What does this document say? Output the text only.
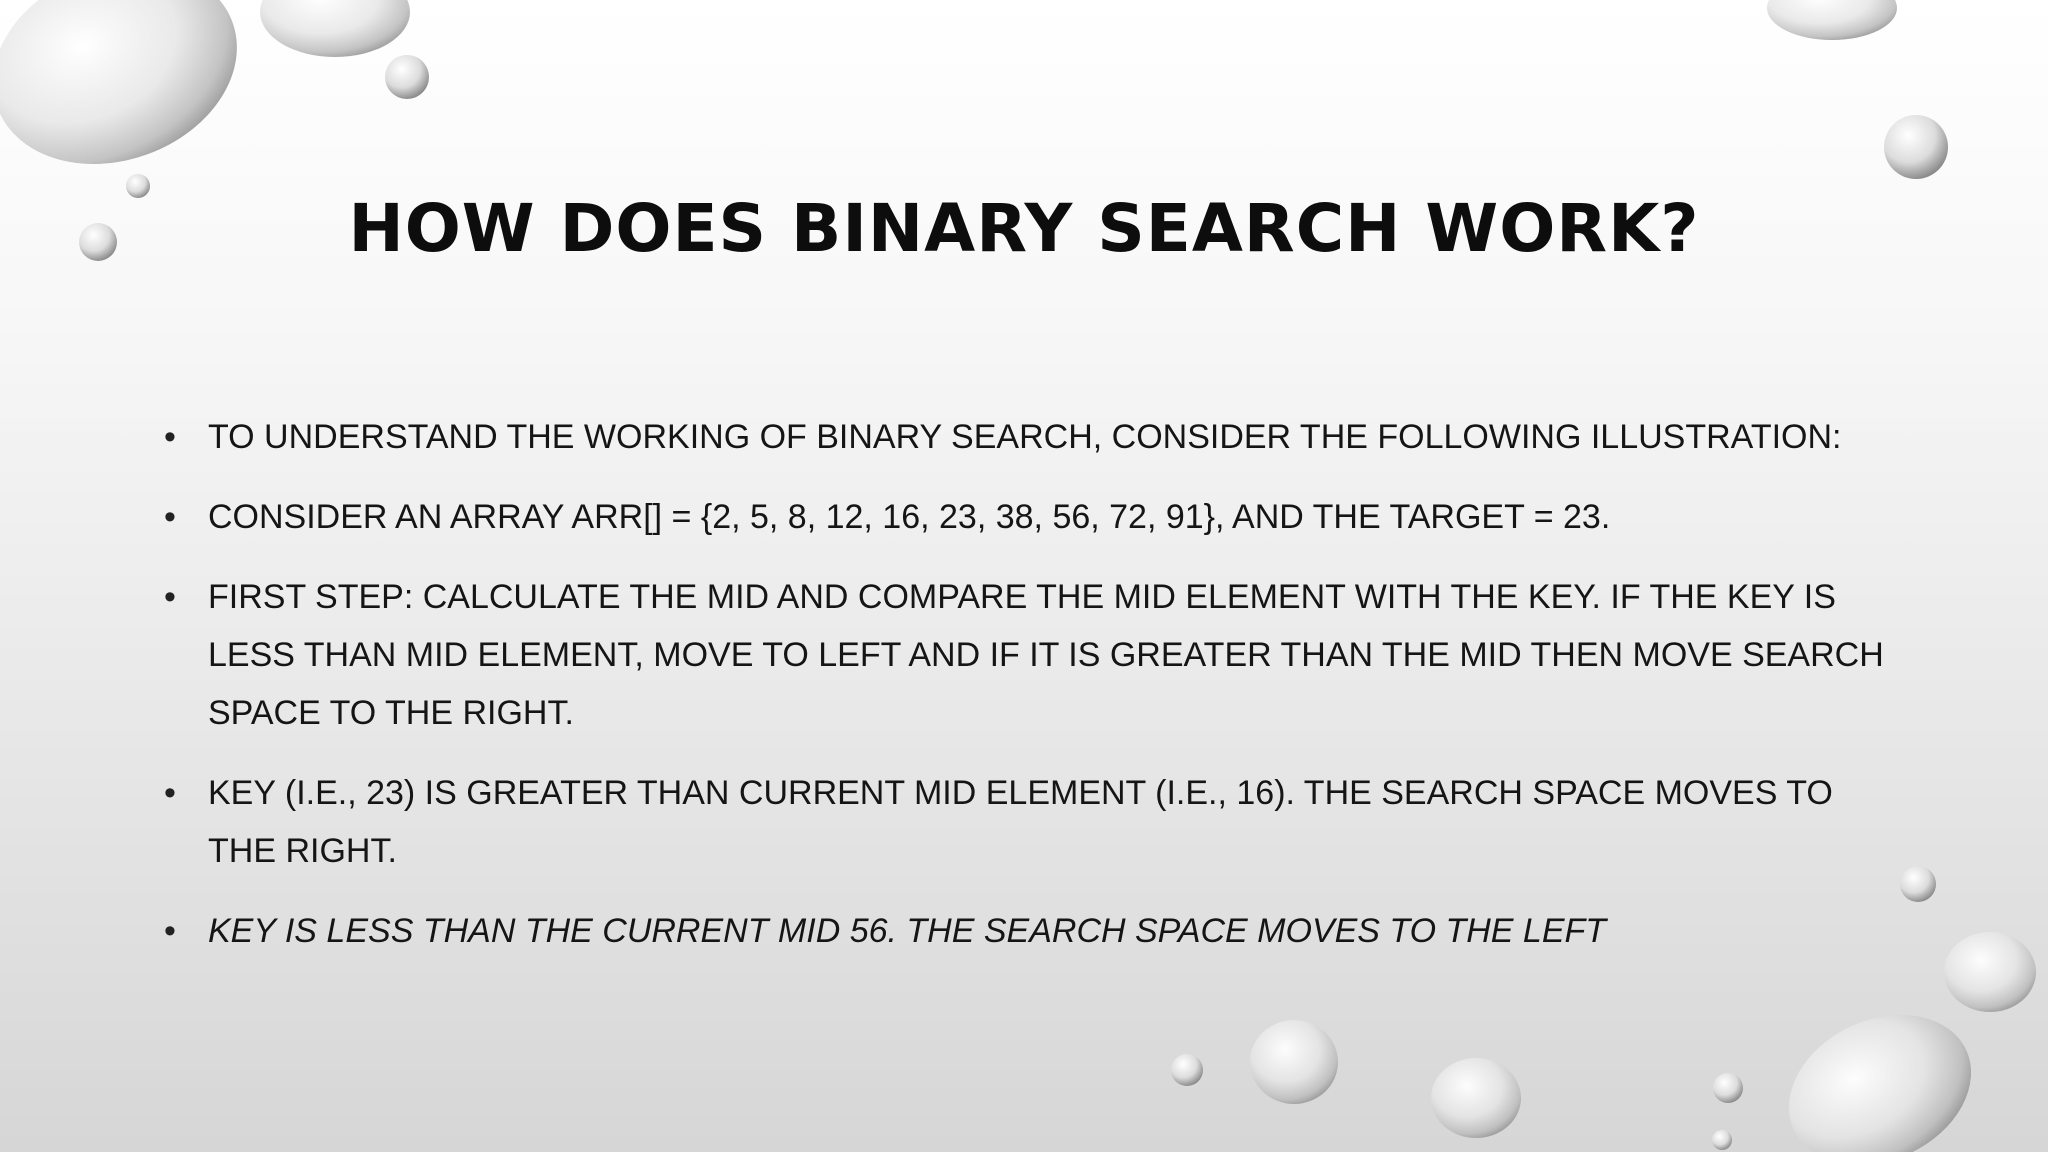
HOW DOES BINARY SEARCH WORK?
• TO UNDERSTAND THE WORKING OF BINARY SEARCH, CONSIDER THE FOLLOWING ILLUSTRATION:
• CONSIDER AN ARRAY ARR[] = {2, 5, 8, 12, 16, 23, 38, 56, 72, 91}, AND THE TARGET = 23.
• FIRST STEP: CALCULATE THE MID AND COMPARE THE MID ELEMENT WITH THE KEY. IF THE KEY IS LESS THAN MID ELEMENT, MOVE TO LEFT AND IF IT IS GREATER THAN THE MID THEN MOVE SEARCH SPACE TO THE RIGHT.
• KEY (I.E., 23) IS GREATER THAN CURRENT MID ELEMENT (I.E., 16). THE SEARCH SPACE MOVES TO THE RIGHT.
• KEY IS LESS THAN THE CURRENT MID 56. THE SEARCH SPACE MOVES TO THE LEFT
